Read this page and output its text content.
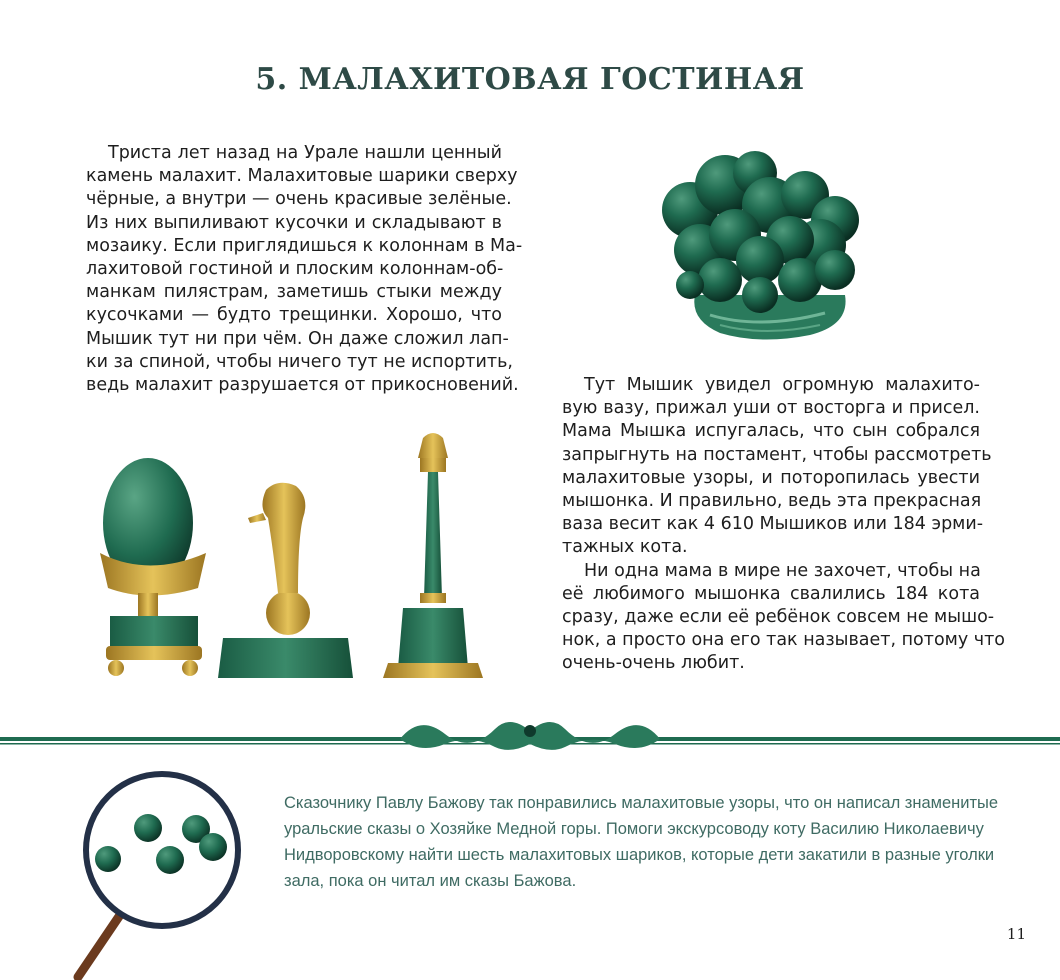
5. МАЛАХИТОВАЯ ГОСТИНАЯ
Триста лет назад на Урале нашли ценный
камень малахит. Малахитовые шарики сверху
чёрные, а внутри — очень красивые зелёные.
Из них выпиливают кусочки и складывают в
мозаику. Если приглядишься к колоннам в Ма-
лахитовой гостиной и плоским колоннам-об-
манкам пилястрам, заметишь стыки между
кусочками — будто трещинки. Хорошо, что
Мышик тут ни при чём. Он даже сложил лап-
ки за спиной, чтобы ничего тут не испортить,
ведь малахит разрушается от прикосновений.	Тут Мышик увидел огромную малахито-
вую вазу, прижал уши от восторга и присел.
Мама Мышка испугалась, что сын собрался
запрыгнуть на постамент, чтобы рассмотреть
малахитовые узоры, и поторопилась увести
мышонка. И правильно, ведь эта прекрасная
ваза весит как 4 610 Мышиков или 184 эрми-
тажных кота.
Ни одна мама в мире не захочет, чтобы на
её любимого мышонка свалились 184 кота
сразу, даже если её ребёнок совсем не мышо-
нок, а просто она его так называет, потому что
очень-очень любит.
Сказочнику Павлу Бажову так понравились малахитовые узоры, что он написал знаменитые
уральские сказы о Хозяйке Медной горы. Помоги экскурсоводу коту Василию Николаевичу
Нидворовскому найти шесть малахитовых шариков, которые дети закатили в разные уголки
зала, пока он читал им сказы Бажова.
11
